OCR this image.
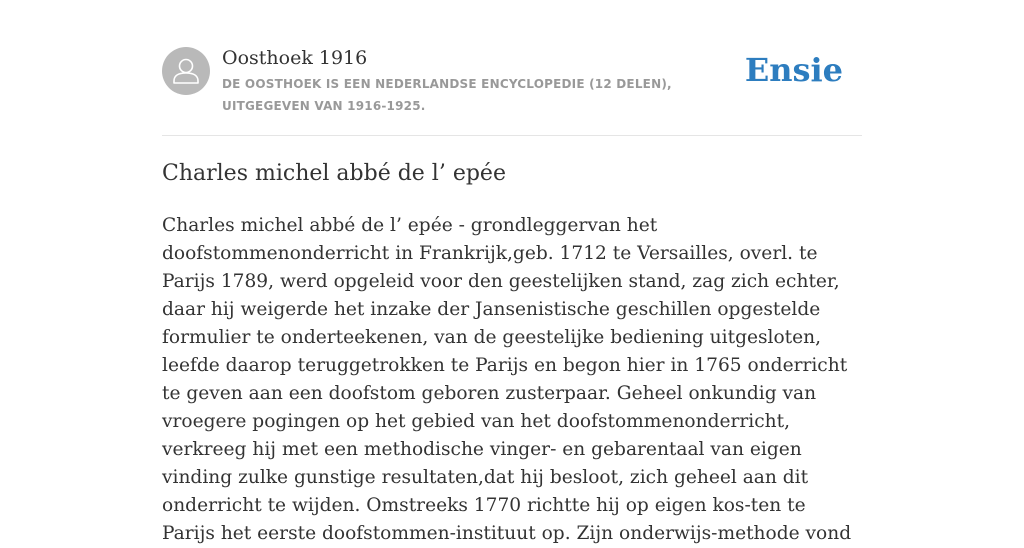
Oosthoek 1916
DE OOSTHOEK IS EEN NEDERLANDSE ENCYCLOPEDIE (12 DELEN), UITGEGEVEN VAN 1916-1925.
Ensie
Charles michel abbé de l’ epée

Charles michel abbé de l’ epée - grondleggervan het doofstommenonderricht in Frankrijk,geb. 1712 te Versailles, overl. te Parijs 1789, werd opgeleid voor den geestelijken stand, zag zich echter, daar hij weigerde het inzake der Jansenistische geschillen opgestelde formulier te onderteekenen, van de geestelijke bediening uitgesloten, leefde daarop teruggetrokken te Parijs en begon hier in 1765 onderricht te geven aan een doofstom geboren zusterpaar. Geheel onkundig van vroegere pogingen op het gebied van het doofstommenonderricht, verkreeg hij met een methodische vinger- en gebarentaal van eigen vinding zulke gunstige resultaten,dat hij besloot, zich geheel aan dit onderricht te wijden. Omstreeks 1770 richtte hij op eigen kos-ten te Parijs het eerste doofstommen-instituut op. Zijn onderwijs-methode vond
